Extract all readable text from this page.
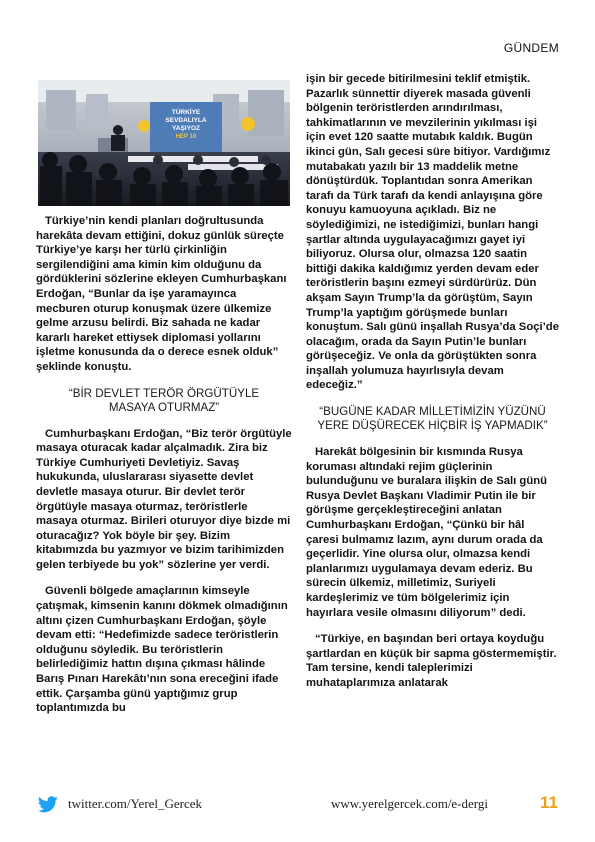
GÜNDEM
TÜRKİYE
SEVDALIYLA
YAŞIYOZ
HEP 18

Türkiye’nin kendi planları doğrultusunda harekâta devam ettiğini, dokuz günlük süreçte Türkiye’ye karşı her türlü çirkinliğin sergilendiğini ama kimin kim olduğunu da gördüklerini sözlerine ekleyen Cumhurbaşkanı Erdoğan, “Bunlar da işe yaramayınca mecburen oturup konuşmak üzere ülkemize gelme arzusu belirdi. Biz sahada ne kadar kararlı hareket ettiysek diplomasi yollarını işletme konusunda da o derece esnek olduk” şeklinde konuştu.

“BİR DEVLET TERÖR ÖRGÜTÜYLE MASAYA OTURMAZ”

Cumhurbaşkanı Erdoğan, “Biz terör örgütüyle masaya oturacak kadar alçalmadık. Zira biz Türkiye Cumhuriyeti Devletiyiz. Savaş hukukunda, uluslararası siyasette devlet devletle masaya oturur. Bir devlet terör örgütüyle masaya oturmaz, teröristlerle masaya oturmaz. Birileri oturuyor diye bizde mi oturacağız? Yok böyle bir şey. Bizim kitabımızda bu yazmıyor ve bizim tarihimizden gelen terbiyede bu yok” sözlerine yer verdi.

Güvenli bölgede amaçlarının kimseyle çatışmak, kimsenin kanını dökmek olmadığının altını çizen Cumhurbaşkanı Erdoğan, şöyle devam etti: “Hedefimizde sadece teröristlerin olduğunu söyledik. Bu teröristlerin belirlediğimiz hattın dışına çıkması hâlinde Barış Pınarı Harekâtı’nın sona ereceğini ifade ettik. Çarşamba günü yaptığımız grup toplantımızda bu

işin bir gecede bitirilmesini teklif etmiştik. Pazarlık sünnettir diyerek masada güvenli bölgenin teröristlerden arındırılması, tahkimatlarının ve mevzilerinin yıkılması işi için evet 120 saatte mutabık kaldık. Bugün ikinci gün, Salı gecesi süre bitiyor. Vardığımız mutabakatı yazılı bir 13 maddelik metne dönüştürdük. Toplantıdan sonra Amerikan tarafı da Türk tarafı da kendi anlayışına göre konuyu kamuoyuna açıkladı. Biz ne söylediğimizi, ne istediğimizi, bunları hangi şartlar altında uygulayacağımızı gayet iyi biliyoruz. Olursa olur, olmazsa 120 saatin bittiği dakika kaldığımız yerden devam eder teröristlerin başını ezmeyi sürdürürüz. Dün akşam Sayın Trump’la da görüştüm, Sayın Trump’la yaptığım görüşmede bunları konuştum. Salı günü inşallah Rusya’da Soçi’de olacağım, orada da Sayın Putin’le bunları görüşeceğiz. Ve onla da görüştükten sonra inşallah yolumuza hayırlısıyla devam edeceğiz.”

“BUGÜNE KADAR MİLLETİMİZİN YÜZÜNÜ YERE DÜŞÜRECEK HİÇBİR İŞ YAPMADIK”

Harekât bölgesinin bir kısmında Rusya koruması altındaki rejim güçlerinin bulunduğunu ve buralara ilişkin de Salı günü Rusya Devlet Başkanı Vladimir Putin ile bir görüşme gerçekleştireceğini anlatan Cumhurbaşkanı Erdoğan, “Çünkü bir hâl çaresi bulmamız lazım, aynı durum orada da geçerlidir. Yine olursa olur, olmazsa kendi planlarımızı uygulamaya devam ederiz. Bu sürecin ülkemiz, milletimiz, Suriyeli kardeşlerimiz ve tüm bölgelerimiz için hayırlara vesile olmasını diliyorum” dedi.

“Türkiye, en başından beri ortaya koyduğu şartlardan en küçük bir sapma göstermemiştir. Tam tersine, kendi taleplerimizi muhataplarımıza anlatarak

twitter.com/Yerel_Gercek	www.yerelgercek.com/e-dergi	11
